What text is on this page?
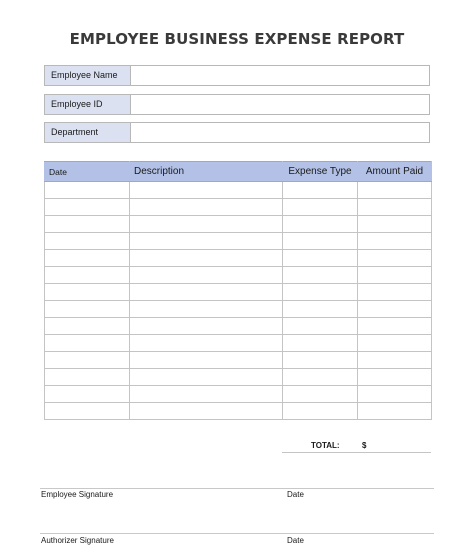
EMPLOYEE BUSINESS EXPENSE REPORT
Employee Name
Employee ID
Department
Date	Description	Expense Type	Amount Paid

TOTAL:	$
Employee Signature	Date
Authorizer Signature	Date
